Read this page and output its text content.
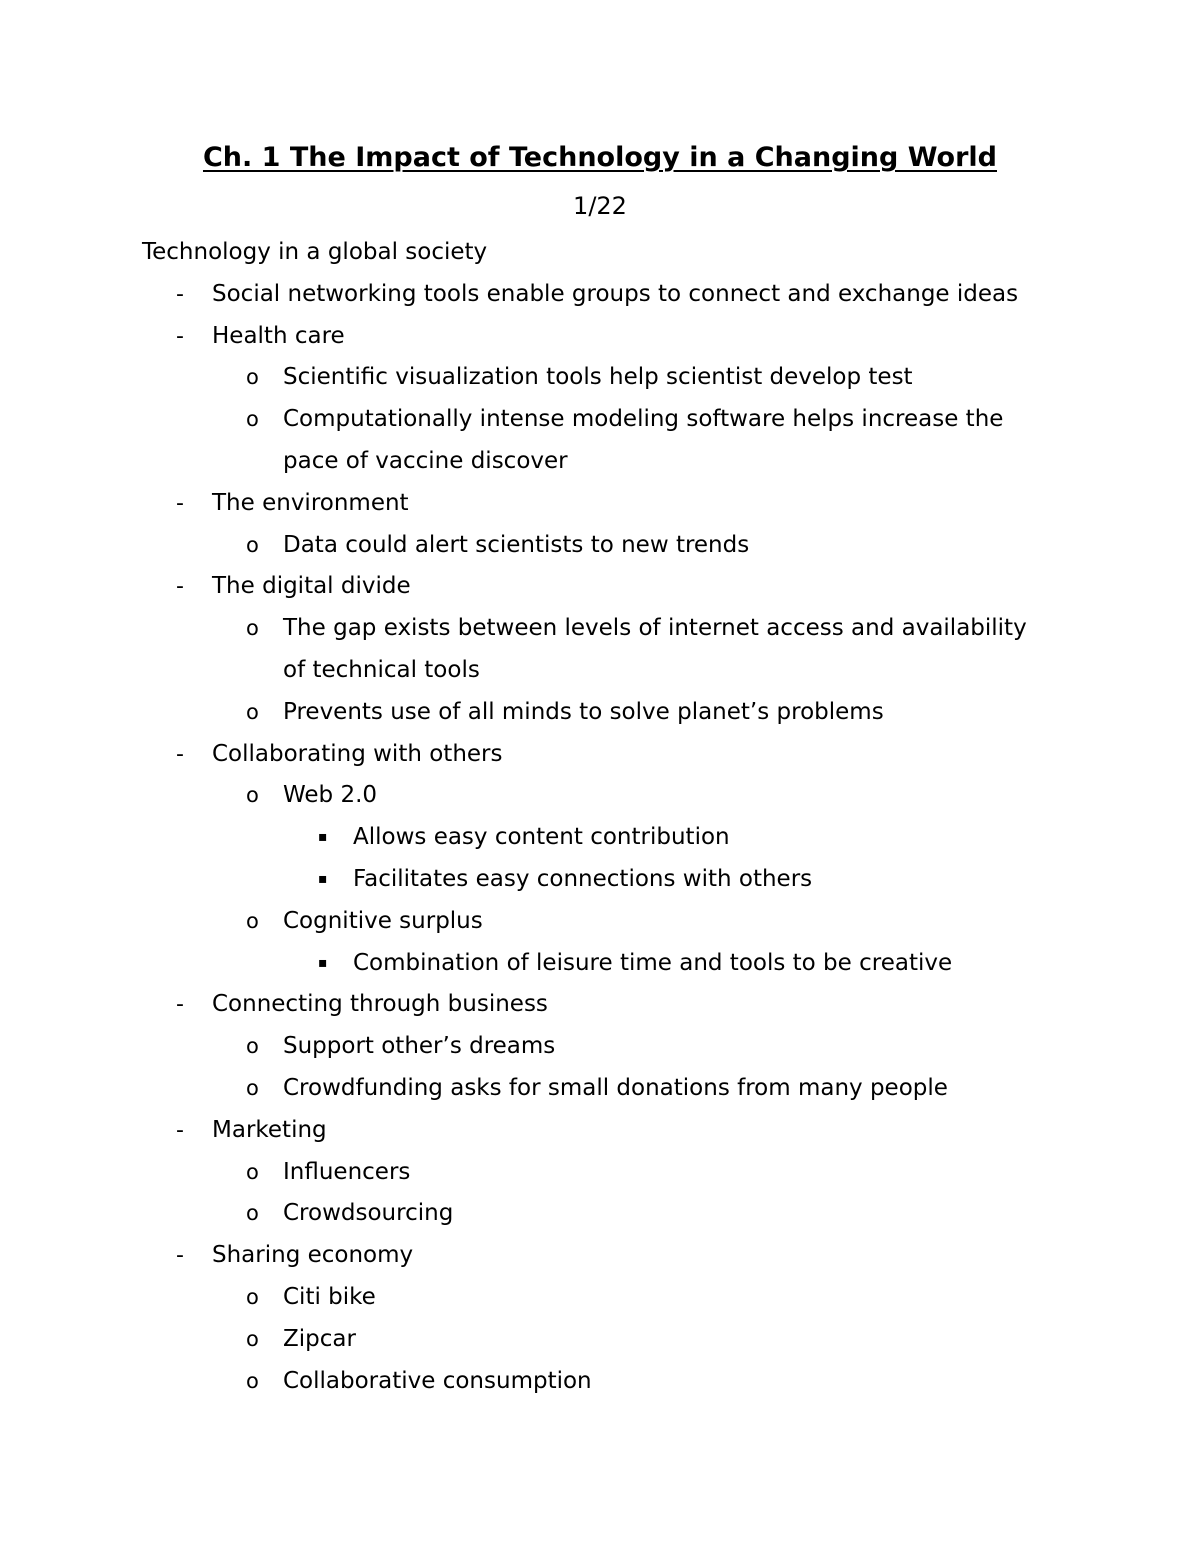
Ch. 1 The Impact of Technology in a Changing World
1/22
Technology in a global society
- Social networking tools enable groups to connect and exchange ideas
- Health care
o Scientific visualization tools help scientist develop test
o Computationally intense modeling software helps increase the
pace of vaccine discover
- The environment
o Data could alert scientists to new trends
- The digital divide
o The gap exists between levels of internet access and availability
of technical tools
o Prevents use of all minds to solve planet’s problems
- Collaborating with others
o Web 2.0
▪ Allows easy content contribution
▪ Facilitates easy connections with others
o Cognitive surplus
▪ Combination of leisure time and tools to be creative
- Connecting through business
o Support other’s dreams
o Crowdfunding asks for small donations from many people
- Marketing
o Influencers
o Crowdsourcing
- Sharing economy
o Citi bike
o Zipcar
o Collaborative consumption
